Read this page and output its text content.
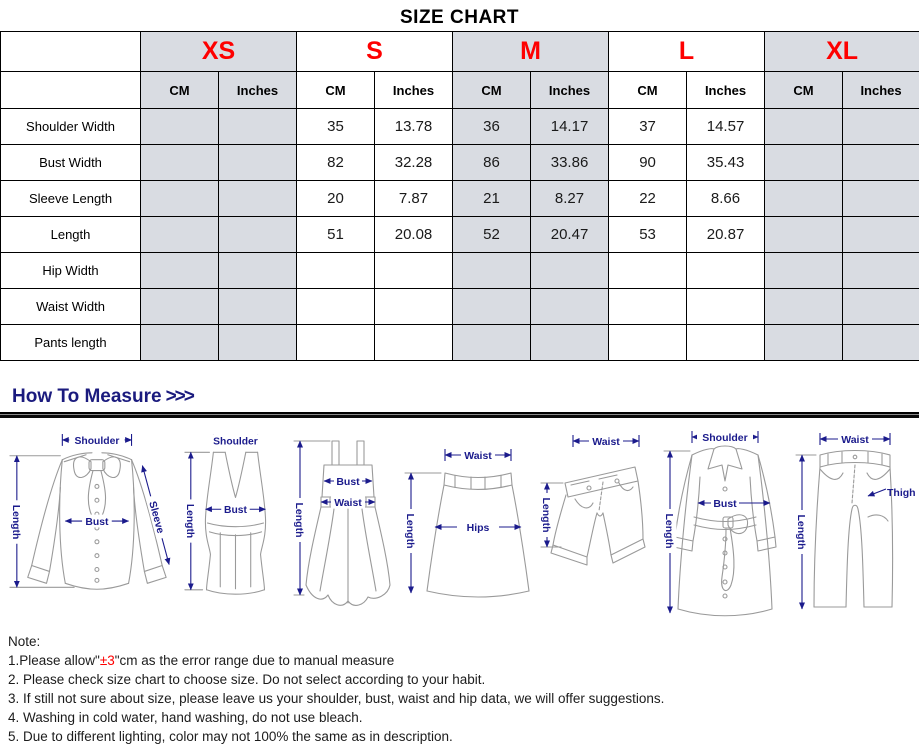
SIZE CHART
	XS		S		M		L		XL	
	CM	Inches	CM	Inches	CM	Inches	CM	Inches	CM	Inches
Shoulder Width			35	13.78	36	14.17	37	14.57		
Bust Width			82	32.28	86	33.86	90	35.43		
Sleeve Length			20	7.87	21	8.27	22	8.66		
Length			51	20.08	52	20.47	53	20.87		
Hip Width										
Waist Width										
Pants length										
How To Measure >>>
Shoulder
Length	Bust	Sleeve
Shoulder
Length	Bust	Length
Bust
Waist
Waist
Length	Hips
Waist
Length
Shoulder
Length
Bust
Waist
Length
Thigh
Note:
1.Please allow"±3"cm as the error range due to manual measure
2. Please check size chart to choose size. Do not select according to your habit.
3. If still not sure about size, please leave us your shoulder, bust, waist and hip data, we will offer suggestions.
4. Washing in cold water, hand washing, do not use bleach.
5. Due to different lighting, color may not 100% the same as in description.
